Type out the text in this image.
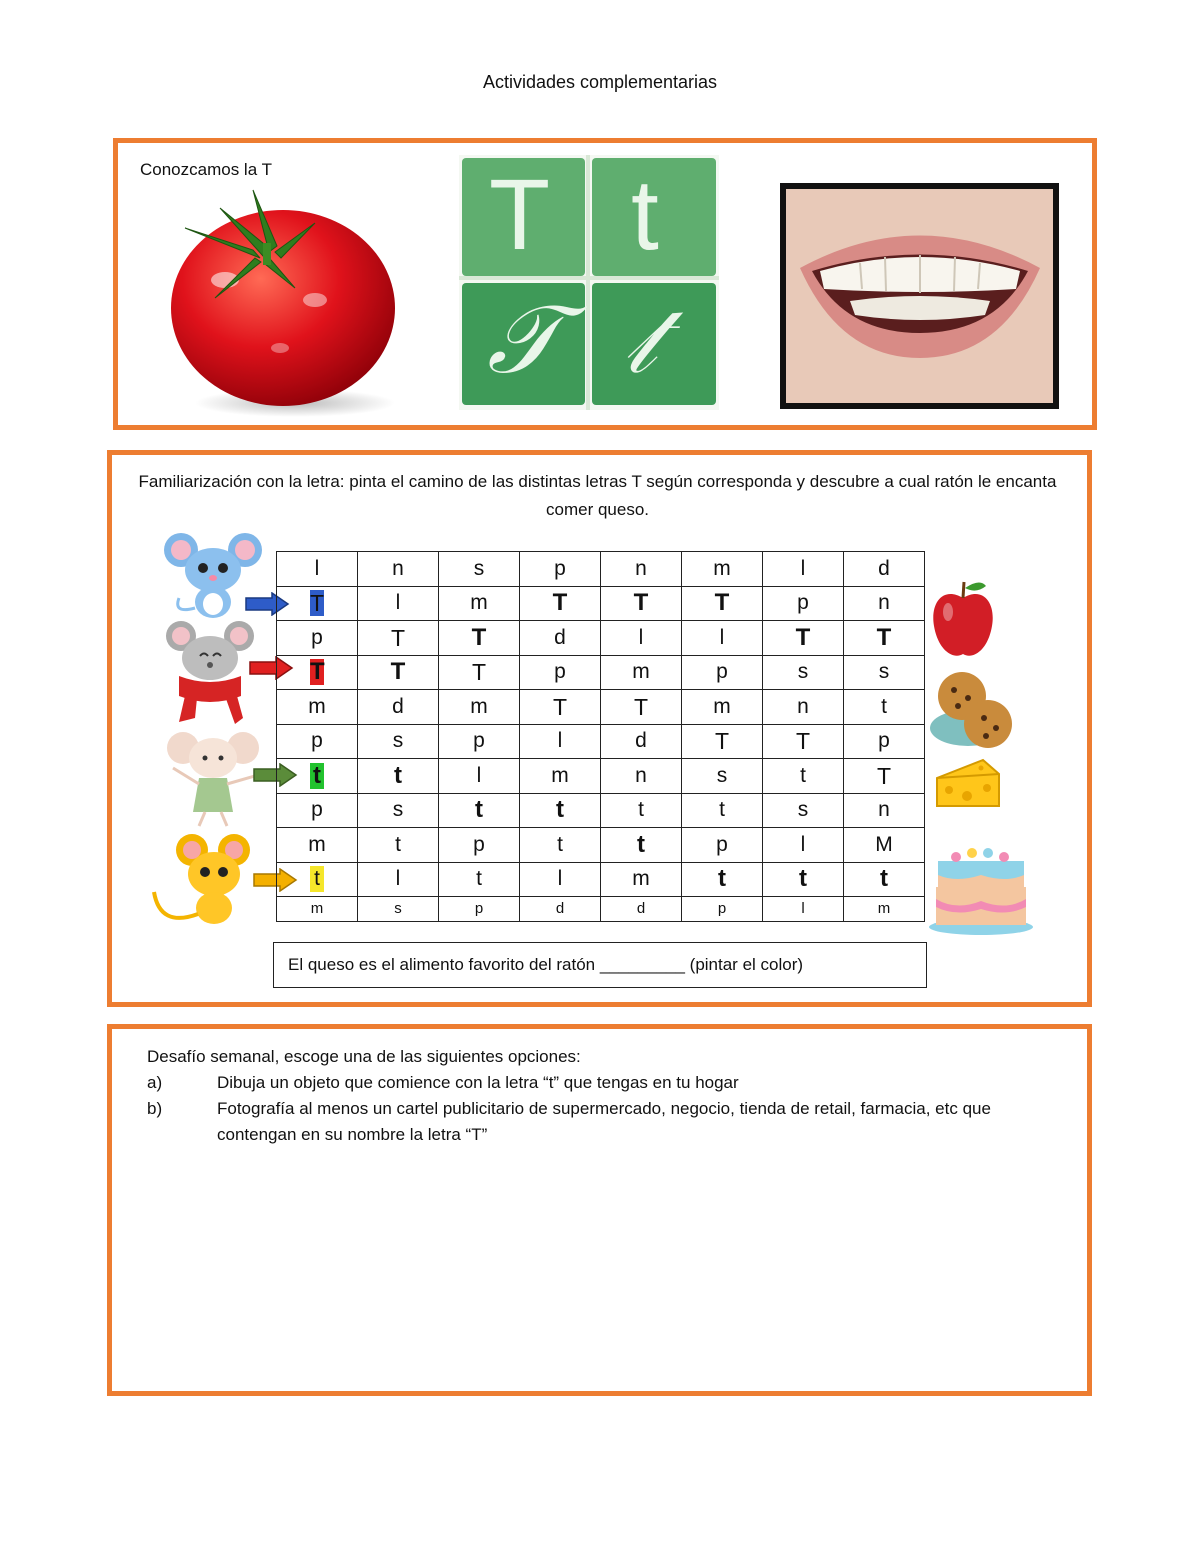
Actividades complementarias
Conozcamos la T T t
𝒯 𝓉
Familiarización con la letra: pinta el camino de las distintas letras T según corresponda y descubre a cual ratón le encanta comer queso.
l	n	s	p	n	m	l	d
T	l	m	T	T	T	p	n
p	T	T	d	l	l	T	T
T	T	T	p	m	p	s	s
m	d	m	T	T	m	n	t
p	s	p	l	d	T	T	p
t	t	l	m	n	s	t	T
p	s	t	t	t	t	s	n
m	t	p	t	t	p	l	M
t	l	t	l	m	t	t	t
m	s	p	d	d	p	l	m
El queso es el alimento favorito del ratón _________ (pintar el color)
Desafío semanal, escoge una de las siguientes opciones:
a)	Dibuja un objeto que comience con la letra “t” que tengas en tu hogar
b)	Fotografía al menos un cartel publicitario de supermercado, negocio, tienda de retail, farmacia, etc que contengan en su nombre la letra “T”
